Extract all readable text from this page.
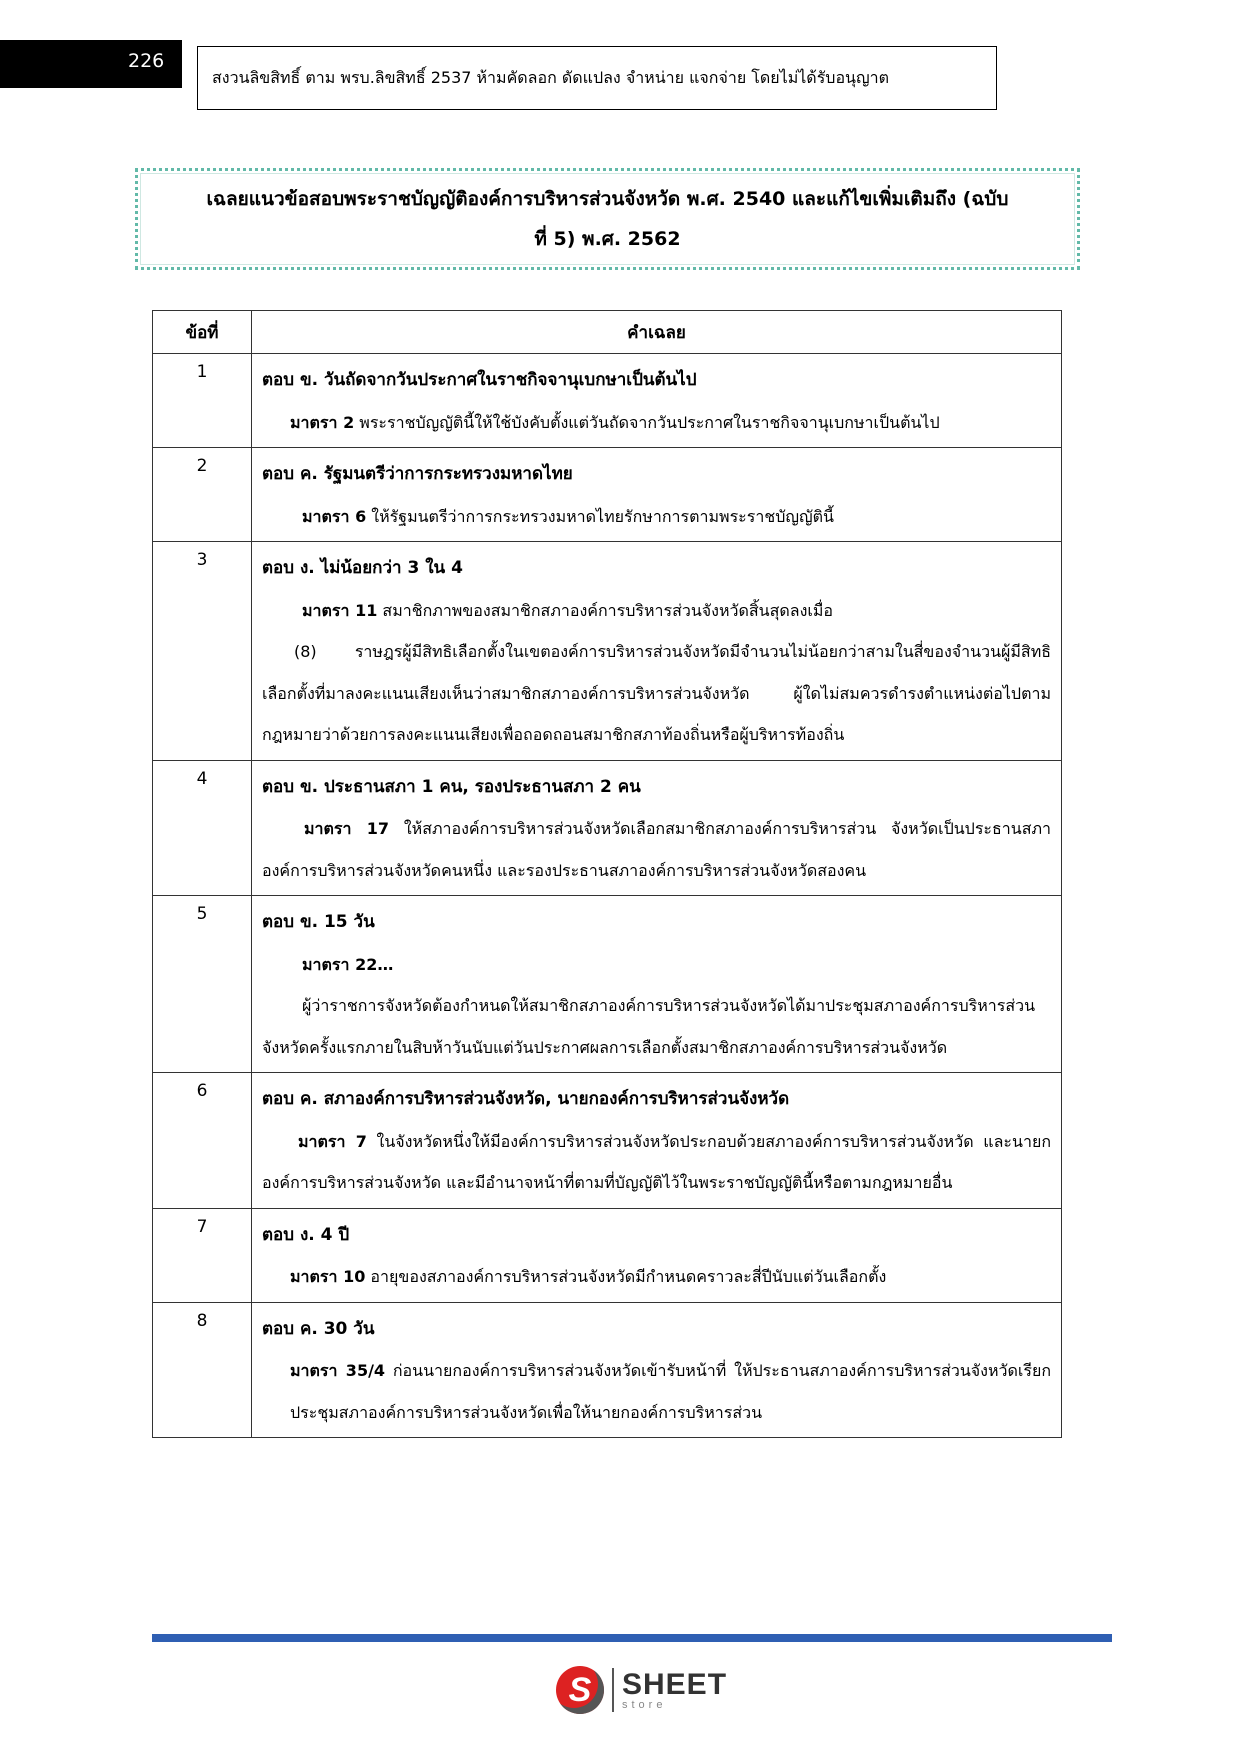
226
สงวนลิขสิทธิ์ ตาม พรบ.ลิขสิทธิ์ 2537 ห้ามคัดลอก ดัดแปลง จำหน่าย แจกจ่าย โดยไม่ได้รับอนุญาต
เฉลยแนวข้อสอบพระราชบัญญัติองค์การบริหารส่วนจังหวัด พ.ศ. 2540 และแก้ไขเพิ่มเติมถึง (ฉบับ
ที่ 5) พ.ศ. 2562
ข้อที่	คำเฉลย
1	ตอบ ข. วันถัดจากวันประกาศในราชกิจจานุเบกษาเป็นต้นไป
มาตรา 2 พระราชบัญญัตินี้ให้ใช้บังคับตั้งแต่วันถัดจากวันประกาศในราชกิจจานุเบกษาเป็นต้นไป

2	ตอบ ค. รัฐมนตรีว่าการกระทรวงมหาดไทย
มาตรา 6 ให้รัฐมนตรีว่าการกระทรวงมหาดไทยรักษาการตามพระราชบัญญัตินี้

3	ตอบ ง. ไม่น้อยกว่า 3 ใน 4
มาตรา 11 สมาชิกภาพของสมาชิกสภาองค์การบริหารส่วนจังหวัดสิ้นสุดลงเมื่อ
(8) ราษฎรผู้มีสิทธิเลือกตั้งในเขตองค์การบริหารส่วนจังหวัดมีจำนวนไม่น้อยกว่าสามในสี่ของจำนวนผู้มีสิทธิเลือกตั้งที่มาลงคะแนนเสียงเห็นว่าสมาชิกสภาองค์การบริหารส่วนจังหวัด ผู้ใดไม่สมควรดำรงตำแหน่งต่อไปตามกฎหมายว่าด้วยการลงคะแนนเสียงเพื่อถอดถอนสมาชิกสภาท้องถิ่นหรือผู้บริหารท้องถิ่น

4	ตอบ ข. ประธานสภา 1 คน, รองประธานสภา 2 คน
มาตรา 17 ให้สภาองค์การบริหารส่วนจังหวัดเลือกสมาชิกสภาองค์การบริหารส่วน จังหวัดเป็นประธานสภาองค์การบริหารส่วนจังหวัดคนหนึ่ง และรองประธานสภาองค์การบริหารส่วนจังหวัดสองคน

5	ตอบ ข. 15 วัน
มาตรา 22…
ผู้ว่าราชการจังหวัดต้องกำหนดให้สมาชิกสภาองค์การบริหารส่วนจังหวัดได้มาประชุมสภาองค์การบริหารส่วนจังหวัดครั้งแรกภายในสิบห้าวันนับแต่วันประกาศผลการเลือกตั้งสมาชิกสภาองค์การบริหารส่วนจังหวัด

6	ตอบ ค. สภาองค์การบริหารส่วนจังหวัด, นายกองค์การบริหารส่วนจังหวัด
มาตรา 7 ในจังหวัดหนึ่งให้มีองค์การบริหารส่วนจังหวัดประกอบด้วยสภาองค์การบริหารส่วนจังหวัด และนายกองค์การบริหารส่วนจังหวัด และมีอำนาจหน้าที่ตามที่บัญญัติไว้ในพระราชบัญญัตินี้หรือตามกฎหมายอื่น

7	ตอบ ง. 4 ปี
มาตรา 10 อายุของสภาองค์การบริหารส่วนจังหวัดมีกำหนดคราวละสี่ปีนับแต่วันเลือกตั้ง

8	ตอบ ค. 30 วัน
มาตรา 35/4 ก่อนนายกองค์การบริหารส่วนจังหวัดเข้ารับหน้าที่ ให้ประธานสภาองค์การบริหารส่วนจังหวัดเรียกประชุมสภาองค์การบริหารส่วนจังหวัดเพื่อให้นายกองค์การบริหารส่วน
S	SHEET
store
